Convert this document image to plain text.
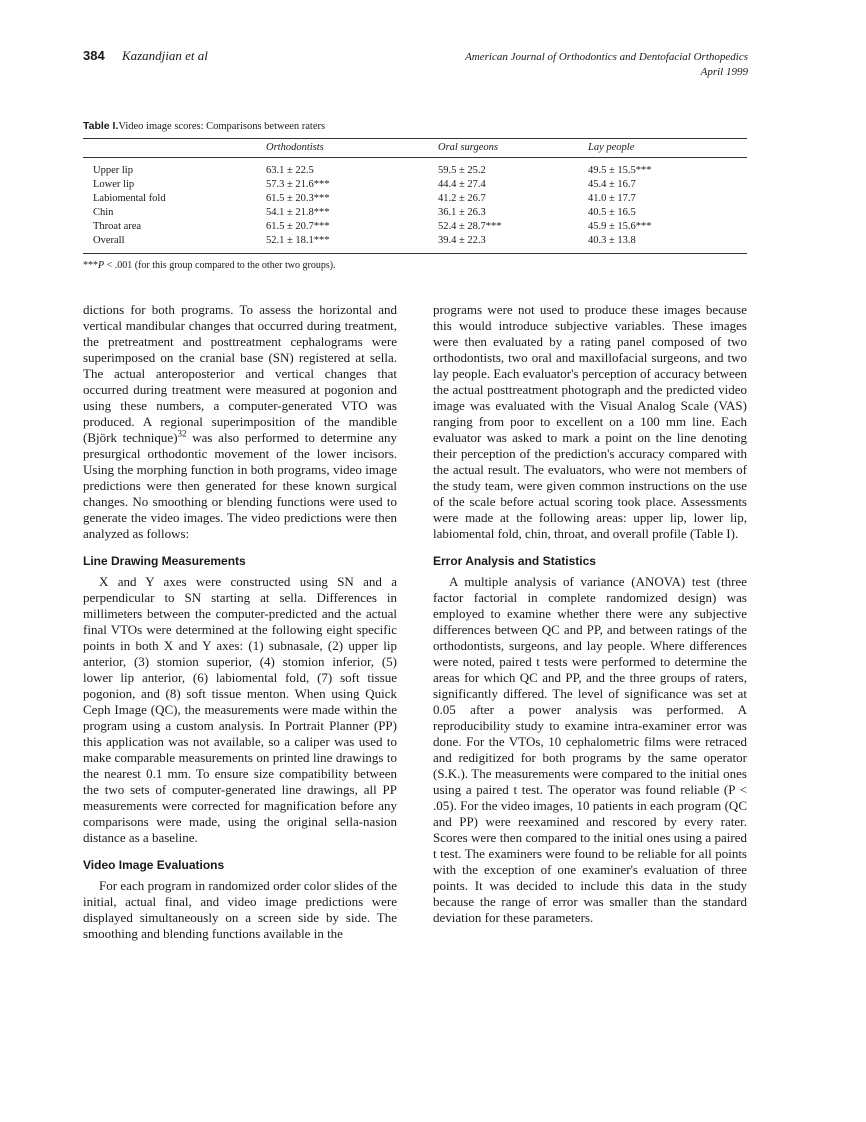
384 Kazandjian et al	American Journal of Orthodontics and Dentofacial Orthopedics
April 1999
Table I.Video image scores: Comparisons between raters
	Orthodontists	Oral surgeons	Lay people
Upper lip	63.1 ± 22.5	59.5 ± 25.2	49.5 ± 15.5***
Lower lip	57.3 ± 21.6***	44.4 ± 27.4	45.4 ± 16.7
Labiomental fold	61.5 ± 20.3***	41.2 ± 26.7	41.0 ± 17.7
Chin	54.1 ± 21.8***	36.1 ± 26.3	40.5 ± 16.5
Throat area	61.5 ± 20.7***	52.4 ± 28.7***	45.9 ± 15.6***
Overall	52.1 ± 18.1***	39.4 ± 22.3	40.3 ± 13.8
***P < .001 (for this group compared to the other two groups).

dictions for both programs. To assess the horizontal and vertical mandibular changes that occurred during treatment, the pretreatment and posttreatment cephalograms were superimposed on the cranial base (SN) registered at sella. The actual anteroposterior and vertical changes that occurred during treatment were measured at pogonion and using these numbers, a computer-generated VTO was produced. A regional superimposition of the mandible (Björk technique)$^{32}$ was also performed to determine any presurgical orthodontic movement of the lower incisors. Using the morphing function in both programs, video image predictions were then generated for these known surgical changes. No smoothing or blending functions were used to generate the video images. The video predictions were then analyzed as follows:

Line Drawing Measurements

X and Y axes were constructed using SN and a perpendicular to SN starting at sella. Differences in millimeters between the computer-predicted and the actual final VTOs were determined at the following eight specific points in both X and Y axes: (1) subnasale, (2) upper lip anterior, (3) stomion superior, (4) stomion inferior, (5) lower lip anterior, (6) labiomental fold, (7) soft tissue pogonion, and (8) soft tissue menton. When using Quick Ceph Image (QC), the measurements were made within the program using a custom analysis. In Portrait Planner (PP) this application was not available, so a caliper was used to make comparable measurements on printed line drawings to the nearest 0.1 mm. To ensure size compatibility between the two sets of computer-generated line drawings, all PP measurements were corrected for magnification before any comparisons were made, using the original sella-nasion distance as a baseline.

Video Image Evaluations

For each program in randomized order color slides of the initial, actual final, and video image predictions were displayed simultaneously on a screen side by side. The smoothing and blending functions available in the

programs were not used to produce these images because this would introduce subjective variables. These images were then evaluated by a rating panel composed of two orthodontists, two oral and maxillofacial surgeons, and two lay people. Each evaluator's perception of accuracy between the actual posttreatment photograph and the predicted video image was evaluated with the Visual Analog Scale (VAS) ranging from poor to excellent on a 100 mm line. Each evaluator was asked to mark a point on the line denoting their perception of the prediction's accuracy compared with the actual result. The evaluators, who were not members of the study team, were given common instructions on the use of the scale before actual scoring took place. Assessments were made at the following areas: upper lip, lower lip, labiomental fold, chin, throat, and overall profile (Table I).

Error Analysis and Statistics

A multiple analysis of variance (ANOVA) test (three factor factorial in complete randomized design) was employed to examine whether there were any subjective differences between QC and PP, and between ratings of the orthodontists, surgeons, and lay people. Where differences were noted, paired t tests were performed to determine the areas for which QC and PP, and the three groups of raters, significantly differed. The level of significance was set at 0.05 after a power analysis was performed. A reproducibility study to examine intra-examiner error was done. For the VTOs, 10 cephalometric films were retraced and redigitized for both programs by the same operator (S.K.). The measurements were compared to the initial ones using a paired t test. The operator was found reliable (P < .05). For the video images, 10 patients in each program (QC and PP) were reexamined and rescored by every rater. Scores were then compared to the initial ones using a paired t test. The examiners were found to be reliable for all points with the exception of one examiner's evaluation of three points. It was decided to include this data in the study because the range of error was smaller than the standard deviation for these parameters.
